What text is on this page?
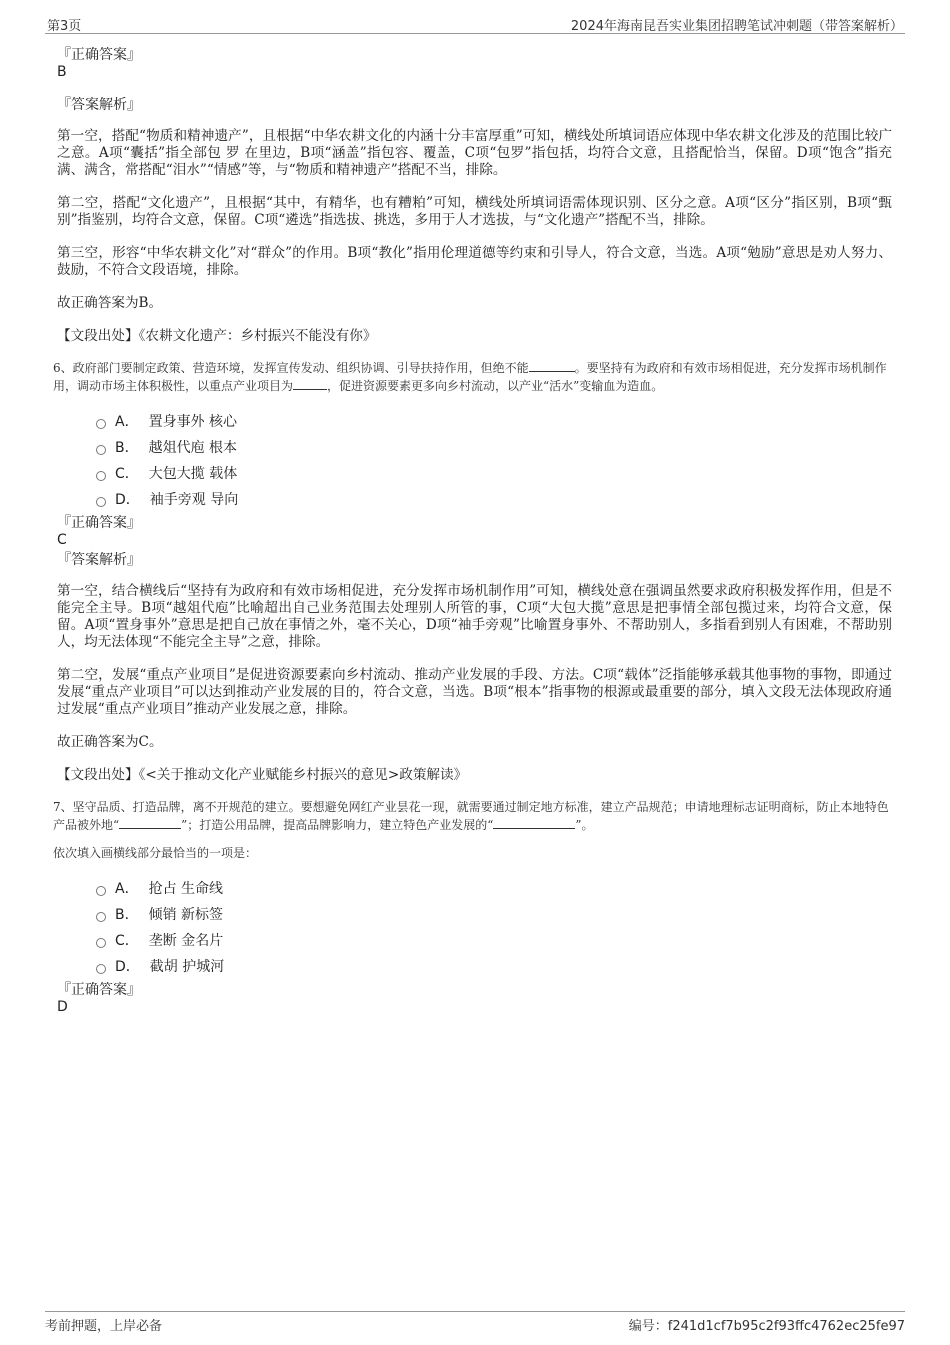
第3页	2024年海南昆吾实业集团招聘笔试冲刺题（带答案解析）

『正确答案』

B

『答案解析』

第一空，搭配“物质和精神遗产”，且根据“中华农耕文化的内涵十分丰富厚重”可知，横线处所填词语应体现中华农耕文化涉及的范围比较广之意。A项“囊括”指全部包 罗 在里边，B项“涵盖”指包容、覆盖，C项“包罗”指包括，均符合文意，且搭配恰当，保留。D项“饱含”指充满、满含，常搭配“泪水”“情感”等，与“物质和精神遗产”搭配不当，排除。

第二空，搭配“文化遗产”，且根据“其中，有精华，也有糟粕”可知，横线处所填词语需体现识别、区分之意。A项“区分”指区别，B项“甄别”指鉴别，均符合文意，保留。C项“遴选”指选拔、挑选，多用于人才选拔，与“文化遗产”搭配不当，排除。

第三空，形容“中华农耕文化”对“群众”的作用。B项“教化”指用伦理道德等约束和引导人，符合文意，当选。A项“勉励”意思是劝人努力、鼓励，不符合文段语境，排除。

故正确答案为B。

【文段出处】《农耕文化遗产：乡村振兴不能没有你》

6、政府部门要制定政策、营造环境，发挥宣传发动、组织协调、引导扶持作用，但绝不能	。要坚持有为政府和有效市场相促进，充分发挥市场机制作用，调动市场主体积极性，以重点产业项目为	，促进资源要素更多向乡村流动，以产业“活水”变输血为造血。

A． 置身事外 核心
B． 越俎代庖 根本
C． 大包大揽 载体
D． 袖手旁观 导向

『正确答案』

C

『答案解析』

第一空，结合横线后“坚持有为政府和有效市场相促进，充分发挥市场机制作用”可知，横线处意在强调虽然要求政府积极发挥作用，但是不能完全主导。B项“越俎代庖”比喻超出自己业务范围去处理别人所管的事，C项“大包大揽”意思是把事情全部包揽过来，均符合文意，保留。A项“置身事外”意思是把自己放在事情之外，毫不关心，D项“袖手旁观”比喻置身事外、不帮助别人，多指看到别人有困难，不帮助别人，均无法体现“不能完全主导”之意，排除。

第二空，发展“重点产业项目”是促进资源要素向乡村流动、推动产业发展的手段、方法。C项“载体”泛指能够承载其他事物的事物，即通过发展“重点产业项目”可以达到推动产业发展的目的，符合文意，当选。B项“根本”指事物的根源或最重要的部分，填入文段无法体现政府通过发展“重点产业项目”推动产业发展之意，排除。

故正确答案为C。

【文段出处】《<关于推动文化产业赋能乡村振兴的意见>政策解读》

7、坚守品质、打造品牌，离不开规范的建立。要想避免网红产业昙花一现，就需要通过制定地方标准，建立产品规范；申请地理标志证明商标，防止本地特色产品被外地“	”；打造公用品牌，提高品牌影响力，建立特色产业发展的“	”。

依次填入画横线部分最恰当的一项是：

A． 抢占 生命线
B． 倾销 新标签
C． 垄断 金名片
D． 截胡 护城河

『正确答案』

D

考前押题，上岸必备	编号：f241d1cf7b95c2f93ffc4762ec25fe97
